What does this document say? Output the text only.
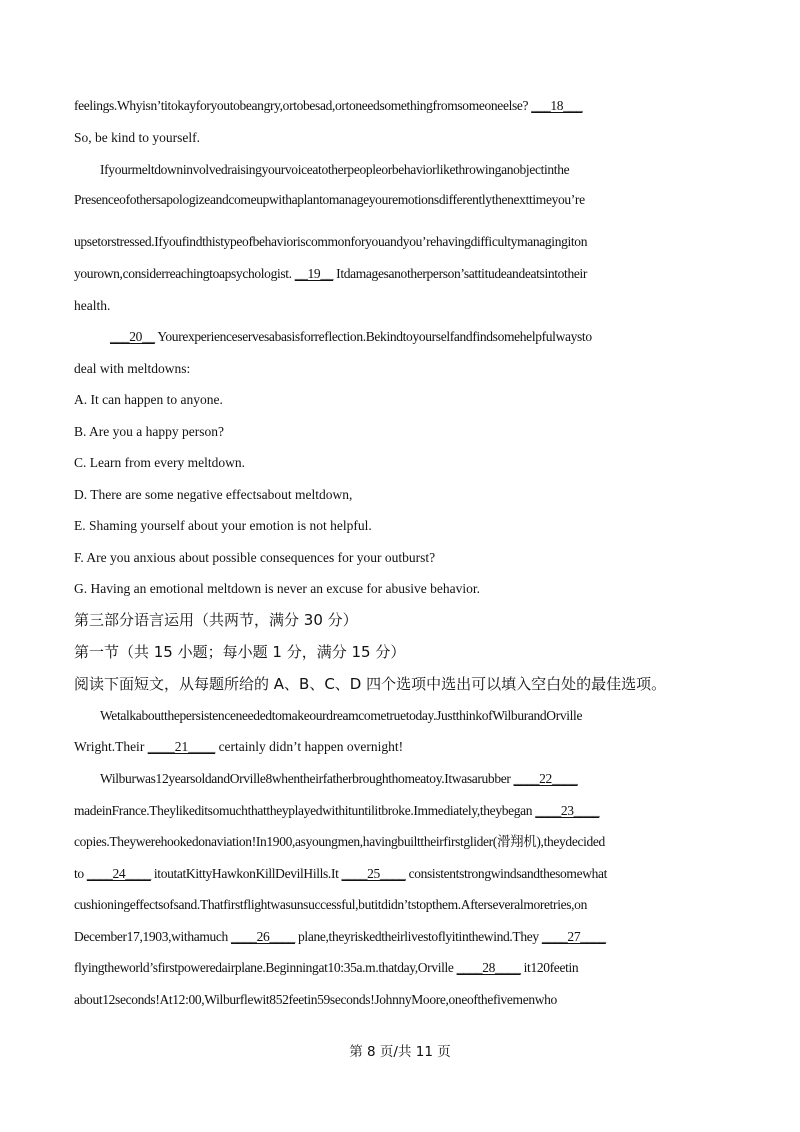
feelings.Whyisn’titokayforyoutobeangry,ortobesad,ortoneedsomethingfromsomeoneelse? ___18___
So, be kind to yourself.
Ifyourmeltdowninvolvedraisingyourvoiceatotherpeopleorbehaviorlikethrowinganobjectinthe
Presenceofothersapologizeandcomeupwithaplantomanageyouremotionsdifferentlythenexttimeyou’re
upsetorstressed.Ifyoufindthistypeofbehavioriscommonforyouandyou’rehavingdifficultymanagingiton
yourown,considerreachingtoapsychologist. __19__ Itdamagesanotherperson’sattitudeandeatsintotheir
health.
___20__ Yourexperienceservesabasisforreflection.Bekindtoyourselfandfindsomehelpfulwaysto
deal with meltdowns:
A. It can happen to anyone.
B. Are you a happy person?
C. Learn from every meltdown.
D. There are some negative effectsabout meltdown,
E. Shaming yourself about your emotion is not helpful.
F. Are you anxious about possible consequences for your outburst?
G. Having an emotional meltdown is never an excuse for abusive behavior.
第三部分语言运用（共两节，满分 30 分）
第一节（共 15 小题；每小题 1 分，满分 15 分）
阅读下面短文，从每题所给的 A、B、C、D 四个选项中选出可以填入空白处的最佳选项。
Wetalkaboutthepersistenceneededtomakeourdreamcometruetoday.JustthinkofWilburandOrville
Wright.Their ____21____ certainly didn’t happen overnight!
Wilburwas12yearsoldandOrville8whentheirfatherbroughthomeatoy.Itwasarubber ____22____
madeinFrance.Theylikeditsomuchthattheyplayedwithituntilitbroke.Immediately,theybegan ____23____
copies.Theywerehookedonaviation!In1900,asyoungmen,havingbuilttheirfirstglider(滑翔机),theydecided
to ____24____ itoutatKittyHawkonKillDevilHills.It ____25____ consistentstrongwindsandthesomewhat
cushioningeffectsofsand.Thatfirstflightwasunsuccessful,butitdidn’tstopthem.Afterseveralmoretries,on
December17,1903,withamuch ____26____ plane,theyriskedtheirlivestoflyitinthewind.They ____27____
flyingtheworld’sfirstpoweredairplane.Beginningat10:35a.m.thatday,Orville ____28____ it120feetin
about12seconds!At12:00,Wilburflewit852feetin59seconds!JohnnyMoore,oneofthefivemenwho
第 8 页/共 11 页
